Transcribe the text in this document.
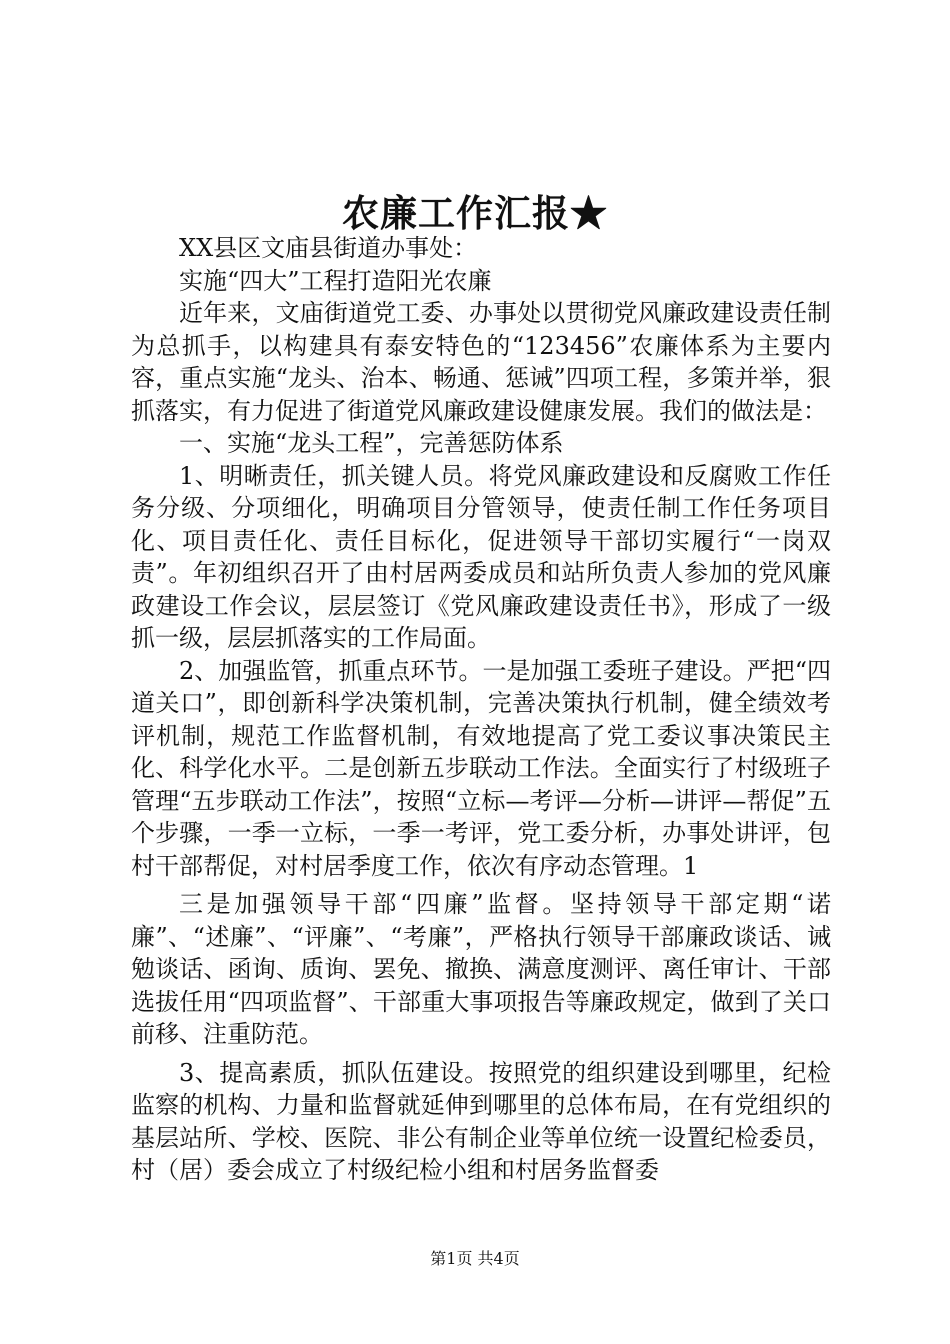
农廉工作汇报★

XX县区文庙县街道办事处：

实施“四大”工程打造阳光农廉

近年来，文庙街道党工委、办事处以贯彻党风廉政建设责任制为总抓手，以构建具有泰安特色的“123456”农廉体系为主要内容，重点实施“龙头、治本、畅通、惩诫”四项工程，多策并举，狠抓落实，有力促进了街道党风廉政建设健康发展。我们的做法是：

一、实施“龙头工程”，完善惩防体系

1、明晰责任，抓关键人员。将党风廉政建设和反腐败工作任务分级、分项细化，明确项目分管领导，使责任制工作任务项目化、项目责任化、责任目标化，促进领导干部切实履行“一岗双责”。年初组织召开了由村居两委成员和站所负责人参加的党风廉政建设工作会议，层层签订《党风廉政建设责任书》，形成了一级抓一级，层层抓落实的工作局面。

2、加强监管，抓重点环节。一是加强工委班子建设。严把“四道关口”，即创新科学决策机制，完善决策执行机制，健全绩效考评机制，规范工作监督机制，有效地提高了党工委议事决策民主化、科学化水平。二是创新五步联动工作法。全面实行了村级班子管理“五步联动工作法”，按照“立标—考评—分析—讲评—帮促”五个步骤，一季一立标，一季一考评，党工委分析，办事处讲评，包村干部帮促，对村居季度工作，依次有序动态管理。1

三是加强领导干部“四廉”监督。坚持领导干部定期“诺廉”、“述廉”、“评廉”、“考廉”，严格执行领导干部廉政谈话、诫勉谈话、函询、质询、罢免、撤换、满意度测评、离任审计、干部选拔任用“四项监督”、干部重大事项报告等廉政规定，做到了关口前移、注重防范。

3、提高素质，抓队伍建设。按照党的组织建设到哪里，纪检监察的机构、力量和监督就延伸到哪里的总体布局，在有党组织的基层站所、学校、医院、非公有制企业等单位统一设置纪检委员，村（居）委会成立了村级纪检小组和村居务监督委

第1页 共4页
